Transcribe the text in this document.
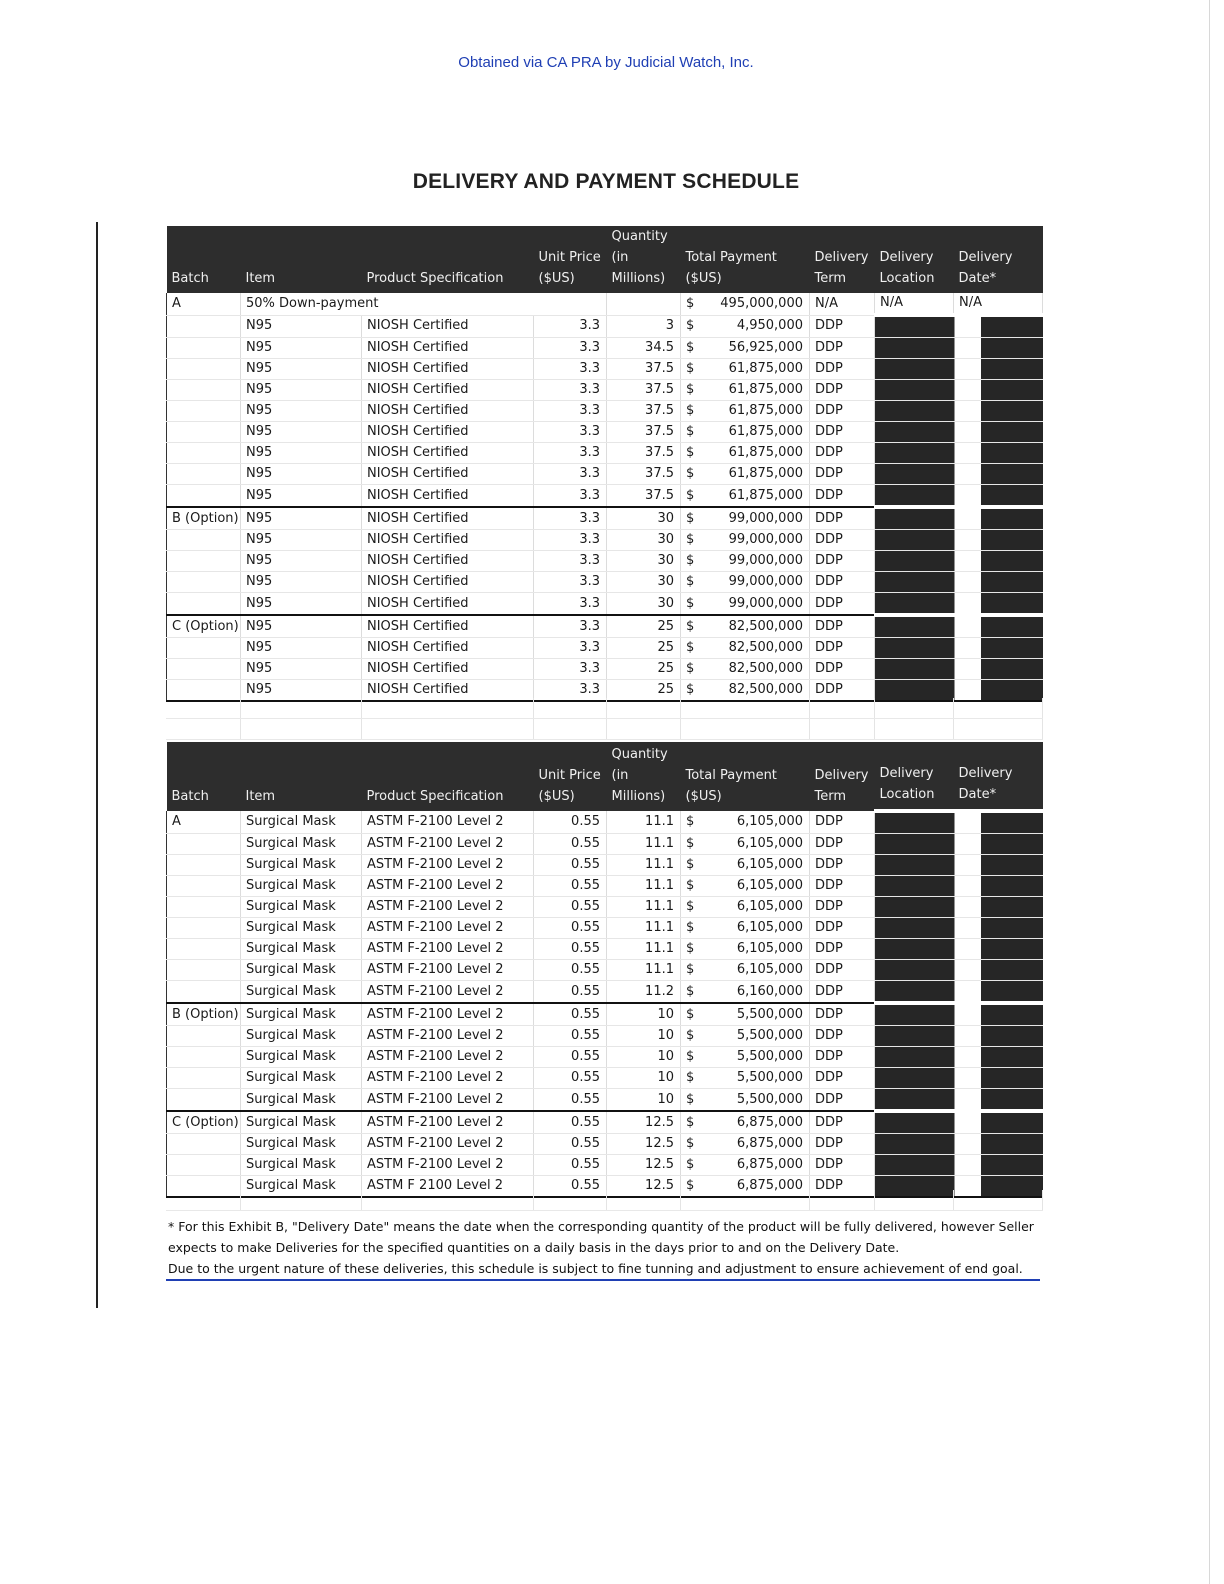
Obtained via CA PRA by Judicial Watch, Inc.
DELIVERY AND PAYMENT SCHEDULE
Batch	Item	Product Specification	Unit Price ($US)	Quantity (in Millions)	Total Payment ($US)	Delivery Term	Delivery Location	Delivery Date*
A	50% Down-payment				$ 495,000,000	N/A	N/A	N/A
	N95	NIOSH Certified	3.3	3	$ 4,950,000	DDP		
	N95	NIOSH Certified	3.3	34.5	$ 56,925,000	DDP		
	N95	NIOSH Certified	3.3	37.5	$ 61,875,000	DDP		
	N95	NIOSH Certified	3.3	37.5	$ 61,875,000	DDP		
	N95	NIOSH Certified	3.3	37.5	$ 61,875,000	DDP		
	N95	NIOSH Certified	3.3	37.5	$ 61,875,000	DDP		
	N95	NIOSH Certified	3.3	37.5	$ 61,875,000	DDP		
	N95	NIOSH Certified	3.3	37.5	$ 61,875,000	DDP		
	N95	NIOSH Certified	3.3	37.5	$ 61,875,000	DDP		
B (Option)	N95	NIOSH Certified	3.3	30	$ 99,000,000	DDP		
	N95	NIOSH Certified	3.3	30	$ 99,000,000	DDP		
	N95	NIOSH Certified	3.3	30	$ 99,000,000	DDP		
	N95	NIOSH Certified	3.3	30	$ 99,000,000	DDP		
	N95	NIOSH Certified	3.3	30	$ 99,000,000	DDP		
C (Option)	N95	NIOSH Certified	3.3	25	$ 82,500,000	DDP		
	N95	NIOSH Certified	3.3	25	$ 82,500,000	DDP		
	N95	NIOSH Certified	3.3	25	$ 82,500,000	DDP		
	N95	NIOSH Certified	3.3	25	$ 82,500,000	DDP		

Batch	Item	Product Specification	Unit Price ($US)	Quantity (in Millions)	Total Payment ($US)	Delivery Term	Delivery Location	Delivery Date*
A	Surgical Mask	ASTM F-2100 Level 2	0.55	11.1	$ 6,105,000	DDP		
	Surgical Mask	ASTM F-2100 Level 2	0.55	11.1	$ 6,105,000	DDP		
	Surgical Mask	ASTM F-2100 Level 2	0.55	11.1	$ 6,105,000	DDP		
	Surgical Mask	ASTM F-2100 Level 2	0.55	11.1	$ 6,105,000	DDP		
	Surgical Mask	ASTM F-2100 Level 2	0.55	11.1	$ 6,105,000	DDP		
	Surgical Mask	ASTM F-2100 Level 2	0.55	11.1	$ 6,105,000	DDP		
	Surgical Mask	ASTM F-2100 Level 2	0.55	11.1	$ 6,105,000	DDP		
	Surgical Mask	ASTM F-2100 Level 2	0.55	11.1	$ 6,105,000	DDP		
	Surgical Mask	ASTM F-2100 Level 2	0.55	11.2	$ 6,160,000	DDP		
B (Option)	Surgical Mask	ASTM F-2100 Level 2	0.55	10	$ 5,500,000	DDP		
	Surgical Mask	ASTM F-2100 Level 2	0.55	10	$ 5,500,000	DDP		
	Surgical Mask	ASTM F-2100 Level 2	0.55	10	$ 5,500,000	DDP		
	Surgical Mask	ASTM F-2100 Level 2	0.55	10	$ 5,500,000	DDP		
	Surgical Mask	ASTM F-2100 Level 2	0.55	10	$ 5,500,000	DDP		
C (Option)	Surgical Mask	ASTM F-2100 Level 2	0.55	12.5	$ 6,875,000	DDP		
	Surgical Mask	ASTM F-2100 Level 2	0.55	12.5	$ 6,875,000	DDP		
	Surgical Mask	ASTM F-2100 Level 2	0.55	12.5	$ 6,875,000	DDP		
	Surgical Mask	ASTM F 2100 Level 2	0.55	12.5	$ 6,875,000	DDP		

* For this Exhibit B, "Delivery Date" means the date when the corresponding quantity of the product will be fully delivered, however Seller expects to make Deliveries for the specified quantities on a daily basis in the days prior to and on the Delivery Date.
Due to the urgent nature of these deliveries, this schedule is subject to fine tunning and adjustment to ensure achievement of end goal.
